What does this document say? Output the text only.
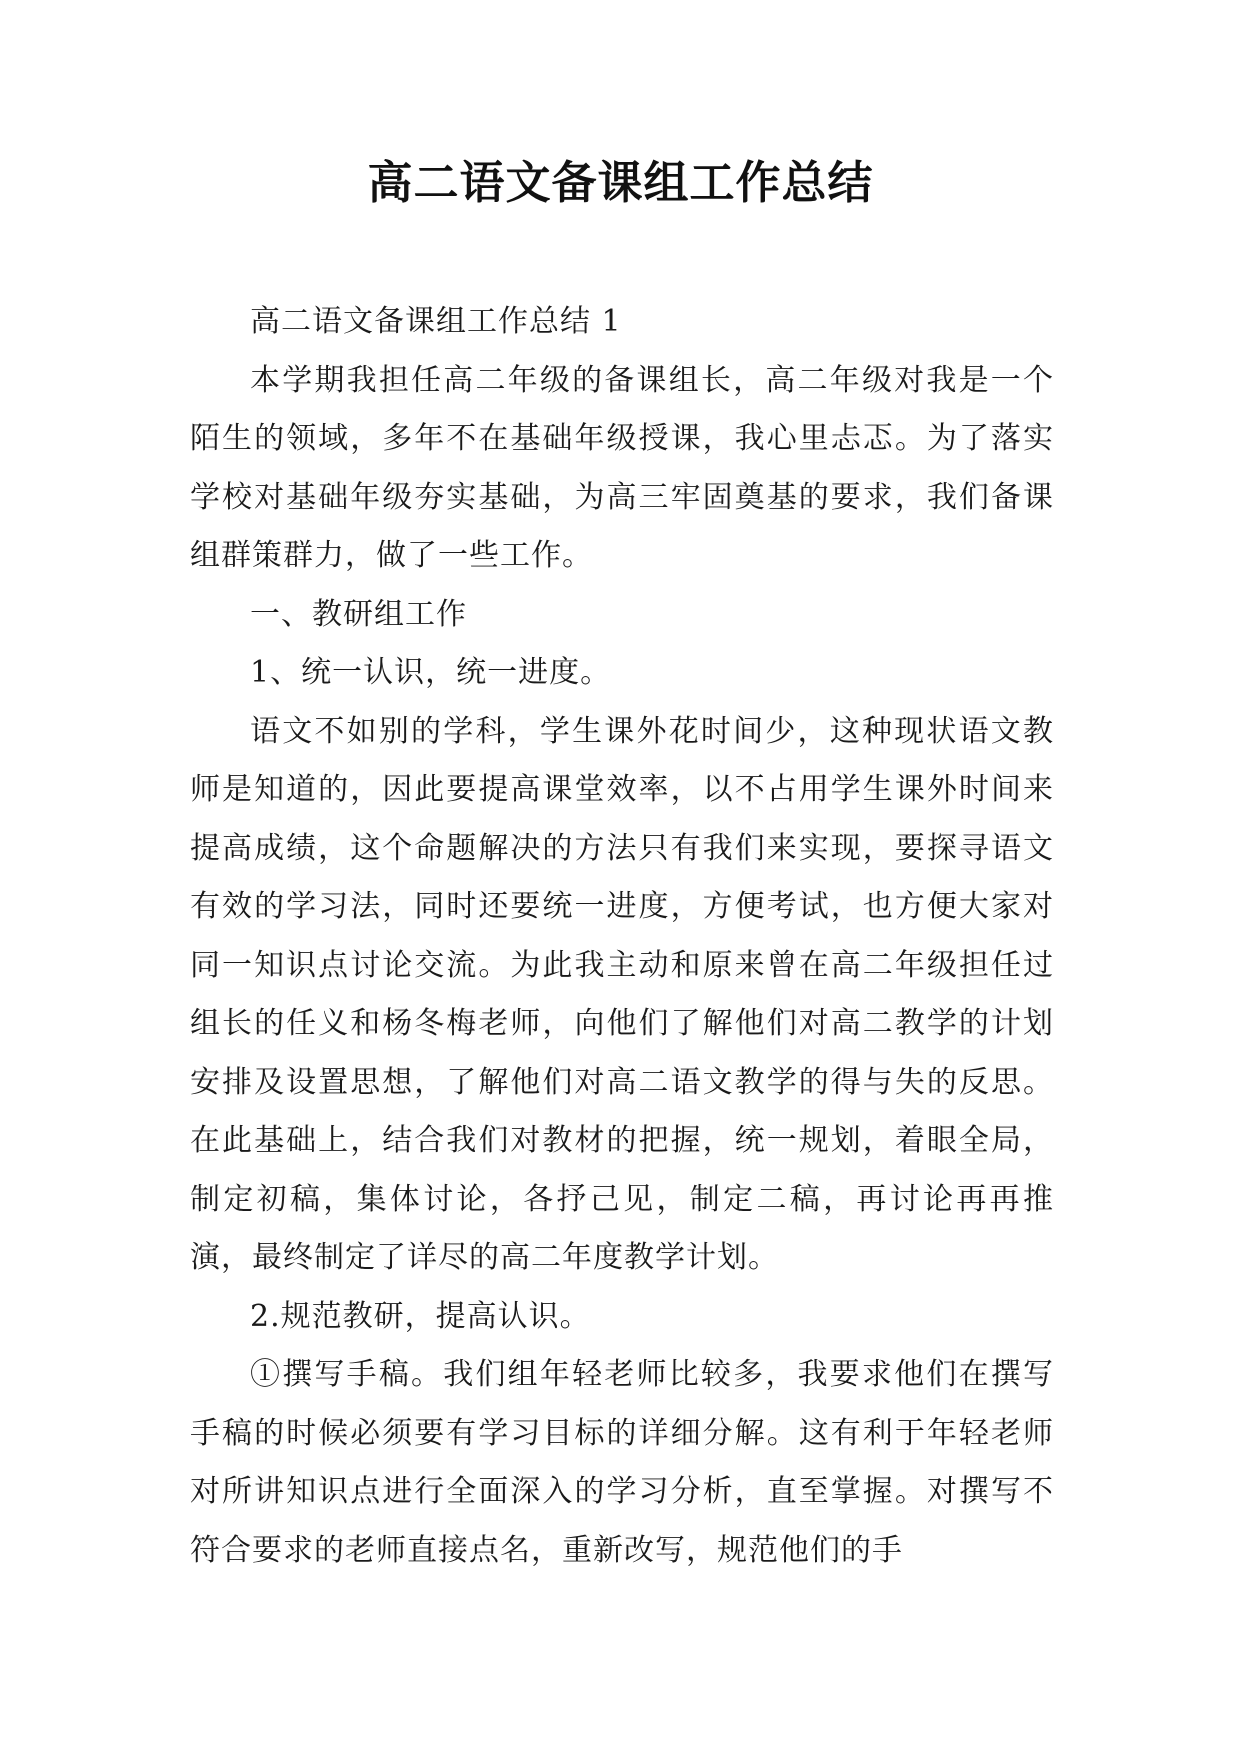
高二语文备课组工作总结

高二语文备课组工作总结 1

本学期我担任高二年级的备课组长，高二年级对我是一个陌生的领域，多年不在基础年级授课，我心里忐忑。为了落实学校对基础年级夯实基础，为高三牢固奠基的要求，我们备课组群策群力，做了一些工作。

一、教研组工作

1、统一认识，统一进度。

语文不如别的学科，学生课外花时间少，这种现状语文教师是知道的，因此要提高课堂效率，以不占用学生课外时间来提高成绩，这个命题解决的方法只有我们来实现，要探寻语文有效的学习法，同时还要统一进度，方便考试，也方便大家对同一知识点讨论交流。为此我主动和原来曾在高二年级担任过组长的任义和杨冬梅老师，向他们了解他们对高二教学的计划安排及设置思想，了解他们对高二语文教学的得与失的反思。在此基础上，结合我们对教材的把握，统一规划，着眼全局，制定初稿，集体讨论，各抒己见，制定二稿，再讨论再再推演，最终制定了详尽的高二年度教学计划。

2.规范教研，提高认识。

①撰写手稿。我们组年轻老师比较多，我要求他们在撰写手稿的时候必须要有学习目标的详细分解。这有利于年轻老师对所讲知识点进行全面深入的学习分析，直至掌握。对撰写不符合要求的老师直接点名，重新改写，规范他们的手
